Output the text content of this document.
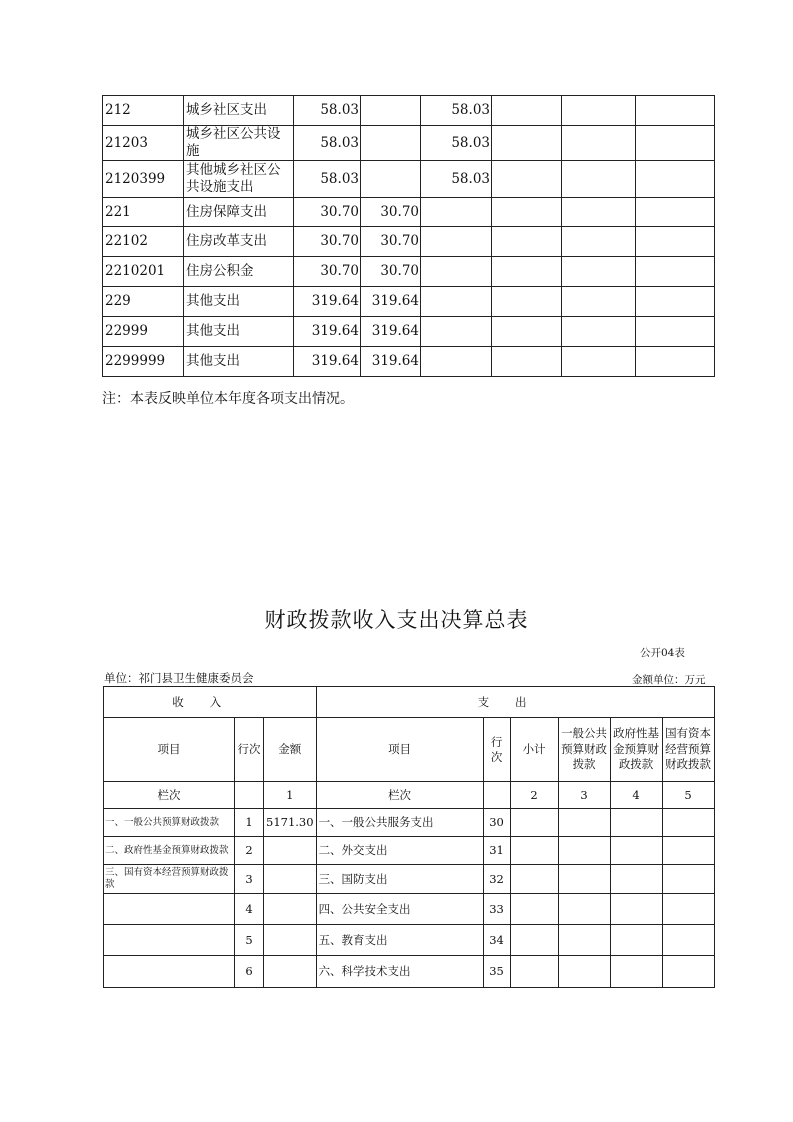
212	城乡社区支出	58.03		58.03			
21203	城乡社区公共设施	58.03		58.03			
2120399	其他城乡社区公共设施支出	58.03		58.03			
221	住房保障支出	30.70	30.70				
22102	住房改革支出	30.70	30.70				
2210201	住房公积金	30.70	30.70				
229	其他支出	319.64	319.64				
22999	其他支出	319.64	319.64				
2299999	其他支出	319.64	319.64				
注：本表反映单位本年度各项支出情况。
财政拨款收入支出决算总表
公开04表
单位：祁门县卫生健康委员会	金额单位：万元
收入			支出					
项目	行次	金额	项目	行次	小计	一般公共预算财政拨款	政府性基金预算财政拨款	国有资本经营预算财政拨款
栏次		1	栏次		2	3	4	5
一、一般公共预算财政拨款	1	5171.30	一、一般公共服务支出	30				
二、政府性基金预算财政拨款	2		二、外交支出	31				
三、国有资本经营预算财政拨款	3		三、国防支出	32				
	4		四、公共安全支出	33				
	5		五、教育支出	34				
	6		六、科学技术支出	35				
